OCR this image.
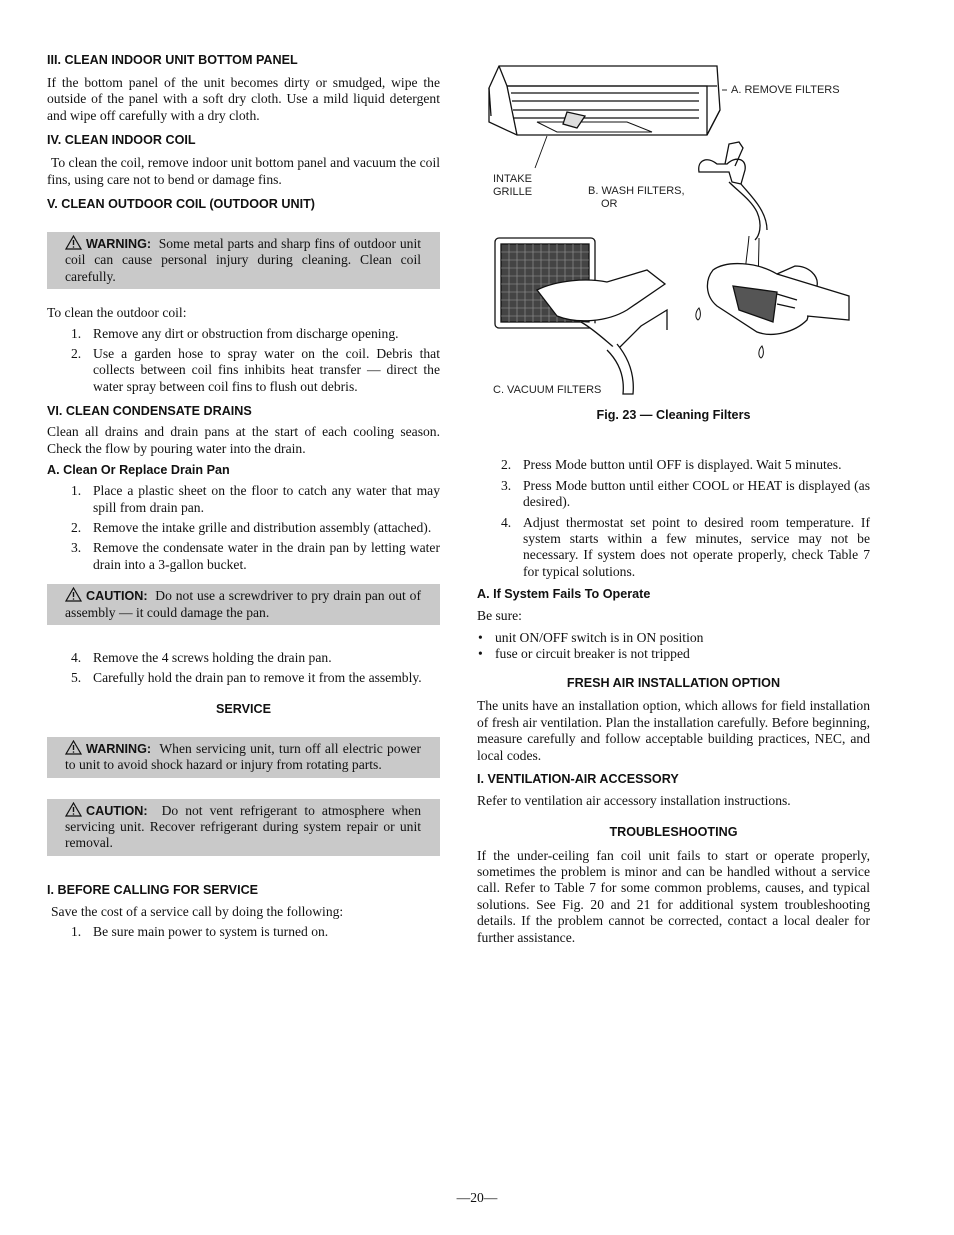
III. CLEAN INDOOR UNIT BOTTOM PANEL

If the bottom panel of the unit becomes dirty or smudged, wipe the outside of the panel with a soft dry cloth. Use a mild liquid detergent and wipe off carefully with a dry cloth.

IV. CLEAN INDOOR COIL

To clean the coil, remove indoor unit bottom panel and vacuum the coil fins, using care not to bend or damage fins.

V. CLEAN OUTDOOR COIL (OUTDOOR UNIT)
WARNING: Some metal parts and sharp fins of outdoor unit coil can cause personal injury during cleaning. Clean coil carefully.

To clean the outdoor coil:

1. Remove any dirt or obstruction from discharge opening.
2. Use a garden hose to spray water on the coil. Debris that collects between coil fins inhibits heat transfer — direct the water spray between coil fins to flush out debris.
VI. CLEAN CONDENSATE DRAINS

Clean all drains and drain pans at the start of each cooling season. Check the flow by pouring water into the drain.

A. Clean Or Replace Drain Pan
1. Place a plastic sheet on the floor to catch any water that may spill from drain pan.
2. Remove the intake grille and distribution assembly (attached).
3. Remove the condensate water in the drain pan by letting water drain into a 3-gallon bucket.
CAUTION: Do not use a screwdriver to pry drain pan out of assembly — it could damage the pan.
4. Remove the 4 screws holding the drain pan.
5. Carefully hold the drain pan to remove it from the assembly.
SERVICE
WARNING: When servicing unit, turn off all electric power to unit to avoid shock hazard or injury from rotating parts.
CAUTION: Do not vent refrigerant to atmosphere when servicing unit. Recover refrigerant during system repair or unit removal.
I. BEFORE CALLING FOR SERVICE

Save the cost of a service call by doing the following:

1. Be sure main power to system is turned on.
A. REMOVE FILTERS
INTAKE
GRILLE	B. WASH FILTERS,
OR
C. VACUUM FILTERS
Fig. 23 — Cleaning Filters
2. Press Mode button until OFF is displayed. Wait 5 minutes.
3. Press Mode button until either COOL or HEAT is displayed (as desired).
4. Adjust thermostat set point to desired room temperature. If system starts within a few minutes, service may not be necessary. If system does not operate properly, check Table 7 for typical solutions.
A. If System Fails To Operate

Be sure:

• unit ON/OFF switch is in ON position
• fuse or circuit breaker is not tripped
FRESH AIR INSTALLATION OPTION

The units have an installation option, which allows for field installation of fresh air ventilation. Plan the installation carefully. Before beginning, measure carefully and follow acceptable building practices, NEC, and local codes.

I. VENTILATION-AIR ACCESSORY

Refer to ventilation air accessory installation instructions.

TROUBLESHOOTING

If the under-ceiling fan coil unit fails to start or operate properly, sometimes the problem is minor and can be handled without a service call. Refer to Table 7 for some common problems, causes, and typical solutions. See Fig. 20 and 21 for additional system troubleshooting details. If the problem cannot be corrected, contact a local dealer for further assistance.

—20—
